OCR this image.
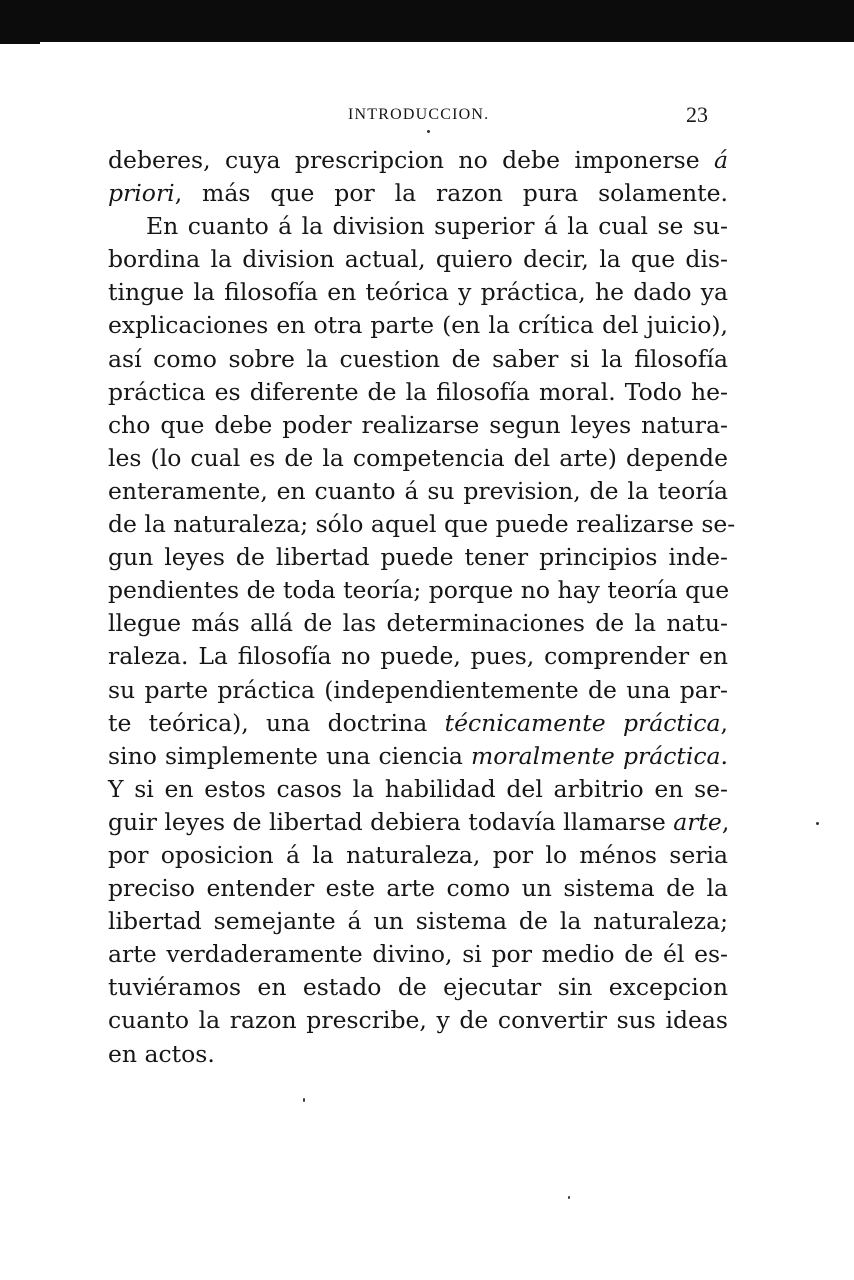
INTRODUCCION.	23
deberes, cuya prescripcion no debe imponerse á
priori, más que por la razon pura solamente.
En cuanto á la division superior á la cual se su-
bordina la division actual, quiero decir, la que dis-
tingue la filosofía en teórica y práctica, he dado ya
explicaciones en otra parte (en la crítica del juicio),
así como sobre la cuestion de saber si la filosofía
práctica es diferente de la filosofía moral. Todo he-
cho que debe poder realizarse segun leyes natura-
les (lo cual es de la competencia del arte) depende
enteramente, en cuanto á su prevision, de la teoría
de la naturaleza; sólo aquel que puede realizarse se-
gun leyes de libertad puede tener principios inde-
pendientes de toda teoría; porque no hay teoría que
llegue más allá de las determinaciones de la natu-
raleza. La filosofía no puede, pues, comprender en
su parte práctica (independientemente de una par-
te teórica), una doctrina técnicamente práctica,
sino simplemente una ciencia moralmente práctica.
Y si en estos casos la habilidad del arbitrio en se-
guir leyes de libertad debiera todavía llamarse arte,
por oposicion á la naturaleza, por lo ménos seria
preciso entender este arte como un sistema de la
libertad semejante á un sistema de la naturaleza;
arte verdaderamente divino, si por medio de él es-
tuviéramos en estado de ejecutar sin excepcion
cuanto la razon prescribe, y de convertir sus ideas
en actos.
